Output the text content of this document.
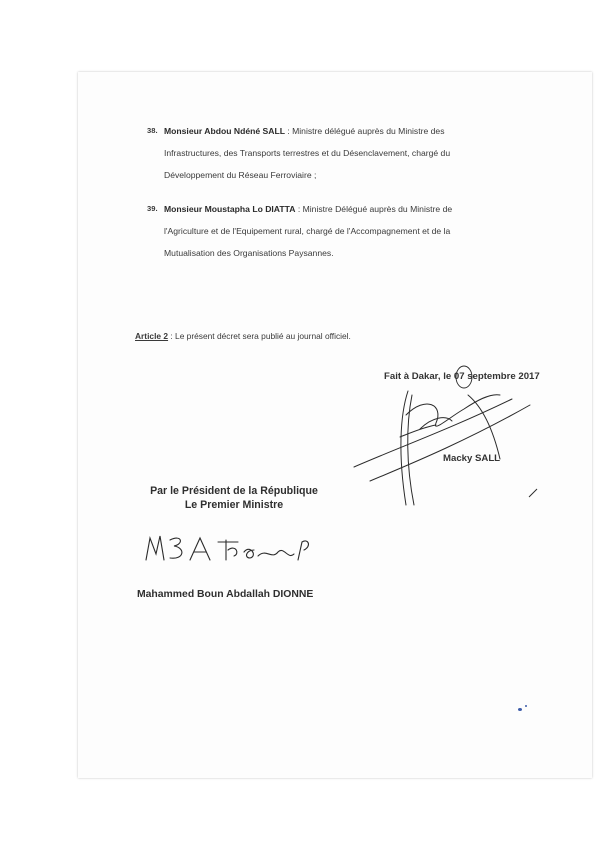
38. Monsieur Abdou Ndéné SALL : Ministre délégué auprès du Ministre des
Infrastructures, des Transports terrestres et du Désenclavement, chargé du
Développement du Réseau Ferroviaire ;
39. Monsieur Moustapha Lo DIATTA : Ministre Délégué auprès du Ministre de
l'Agriculture et de l'Equipement rural, chargé de l'Accompagnement et de la
Mutualisation des Organisations Paysannes.
Article 2 : Le présent décret sera publié au journal officiel.
Fait à Dakar, le 07 septembre 2017
Macky SALL
Par le Président de la République
Le Premier Ministre
Mahammed Boun Abdallah DIONNE
